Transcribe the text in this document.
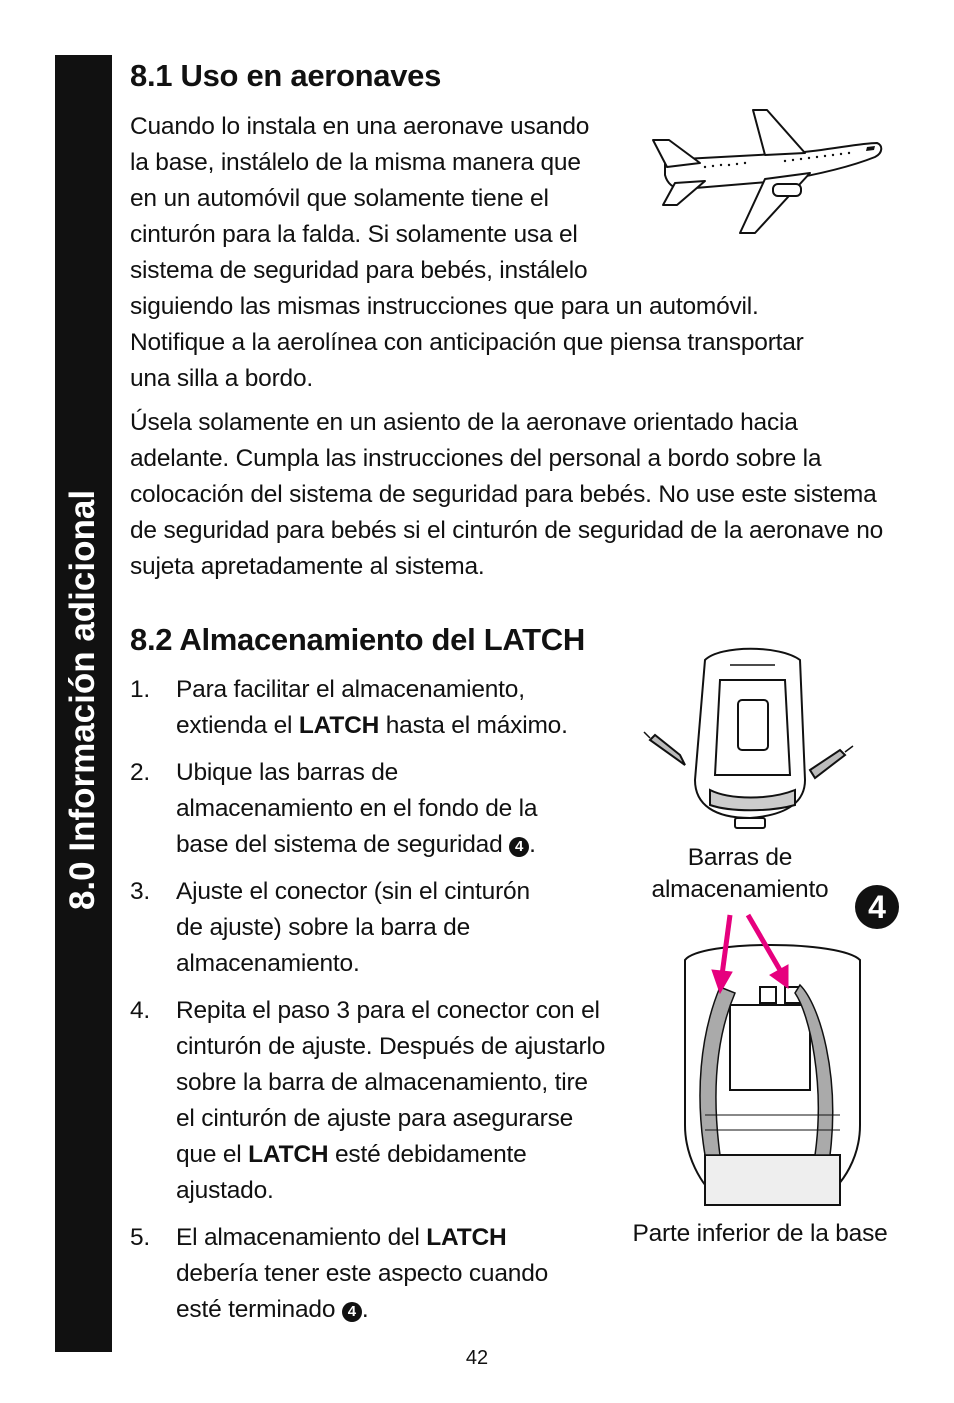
8.0 Información adicional
8.1 Uso en aeronaves
Cuando lo instala en una aeronave usando
la base, instálelo de la misma manera que
en un automóvil que solamente tiene el
cinturón para la falda. Si solamente usa el
sistema de seguridad para bebés, instálelo
siguiendo las mismas instrucciones que para un automóvil.
Notifique a la aerolínea con anticipación que piensa transportar
una silla a bordo.
Úsela solamente en un asiento de la aeronave orientado hacia adelante. Cumpla las instrucciones del personal a bordo sobre la colocación del sistema de seguridad para bebés. No use este sistema de seguridad para bebés si el cinturón de seguridad de la aeronave no sujeta apretadamente al sistema.
8.2 Almacenamiento del LATCH
1. Para facilitar el almacenamiento, extienda el LATCH hasta el máximo.
2. Ubique las barras de almacenamiento en el fondo de la base del sistema de seguridad 4 .
3. Ajuste el conector (sin el cinturón de ajuste) sobre la barra de almacenamiento.
4. Repita el paso 3 para el conector con el cinturón de ajuste. Después de ajustarlo sobre la barra de almacenamiento, tire el cinturón de ajuste para asegurarse que el LATCH esté debidamente ajustado.
5. El almacenamiento del LATCH debería tener este aspecto cuando esté terminado 4 .
Barras de almacenamiento	4
Parte inferior de la base
42
